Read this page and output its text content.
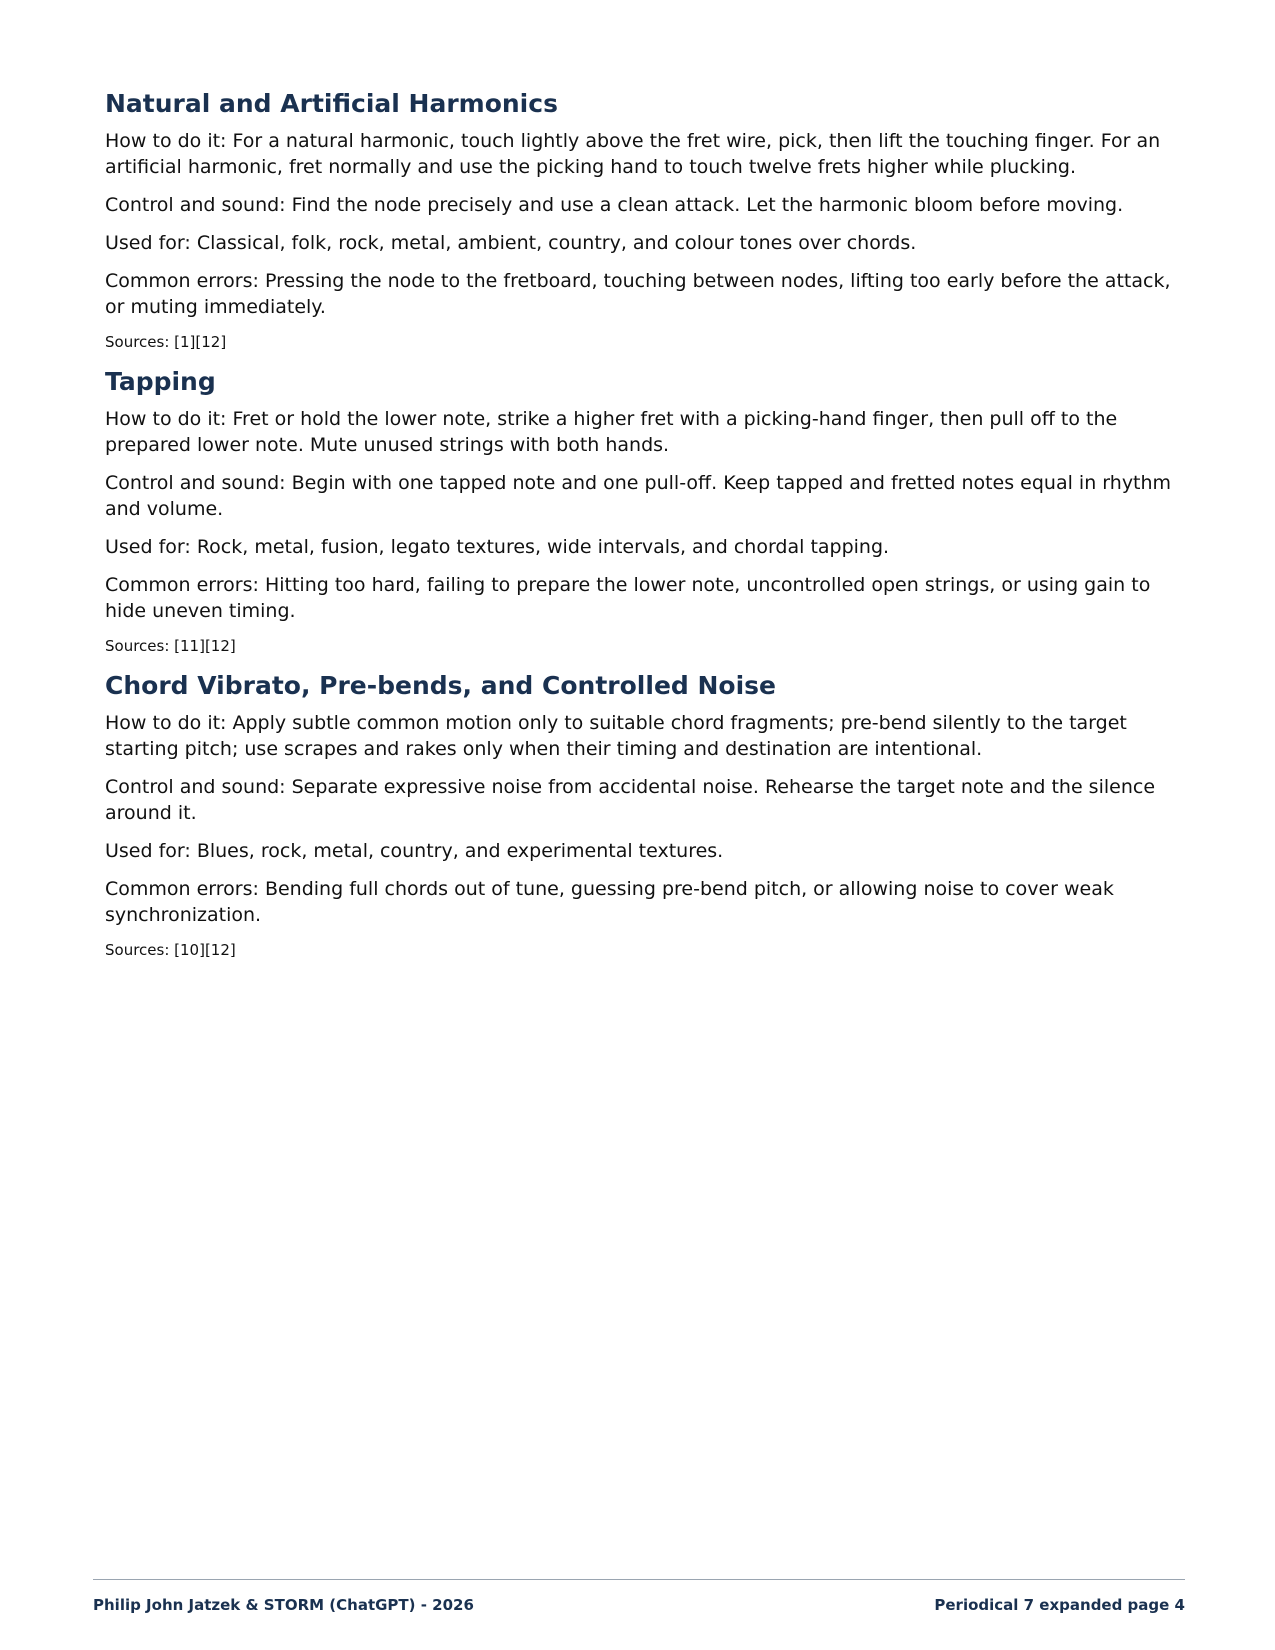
Natural and Artificial Harmonics

How to do it: For a natural harmonic, touch lightly above the fret wire, pick, then lift the touching finger. For an artificial harmonic, fret normally and use the picking hand to touch twelve frets higher while plucking.

Control and sound: Find the node precisely and use a clean attack. Let the harmonic bloom before moving.

Used for: Classical, folk, rock, metal, ambient, country, and colour tones over chords.

Common errors: Pressing the node to the fretboard, touching between nodes, lifting too early before the attack, or muting immediately.

Sources: [1][12]

Tapping

How to do it: Fret or hold the lower note, strike a higher fret with a picking-hand finger, then pull off to the prepared lower note. Mute unused strings with both hands.

Control and sound: Begin with one tapped note and one pull-off. Keep tapped and fretted notes equal in rhythm and volume.

Used for: Rock, metal, fusion, legato textures, wide intervals, and chordal tapping.

Common errors: Hitting too hard, failing to prepare the lower note, uncontrolled open strings, or using gain to hide uneven timing.

Sources: [11][12]

Chord Vibrato, Pre-bends, and Controlled Noise

How to do it: Apply subtle common motion only to suitable chord fragments; pre-bend silently to the target starting pitch; use scrapes and rakes only when their timing and destination are intentional.

Control and sound: Separate expressive noise from accidental noise. Rehearse the target note and the silence around it.

Used for: Blues, rock, metal, country, and experimental textures.

Common errors: Bending full chords out of tune, guessing pre-bend pitch, or allowing noise to cover weak synchronization.

Sources: [10][12]

Philip John Jatzek & STORM (ChatGPT) - 2026	Periodical 7 expanded page 4
